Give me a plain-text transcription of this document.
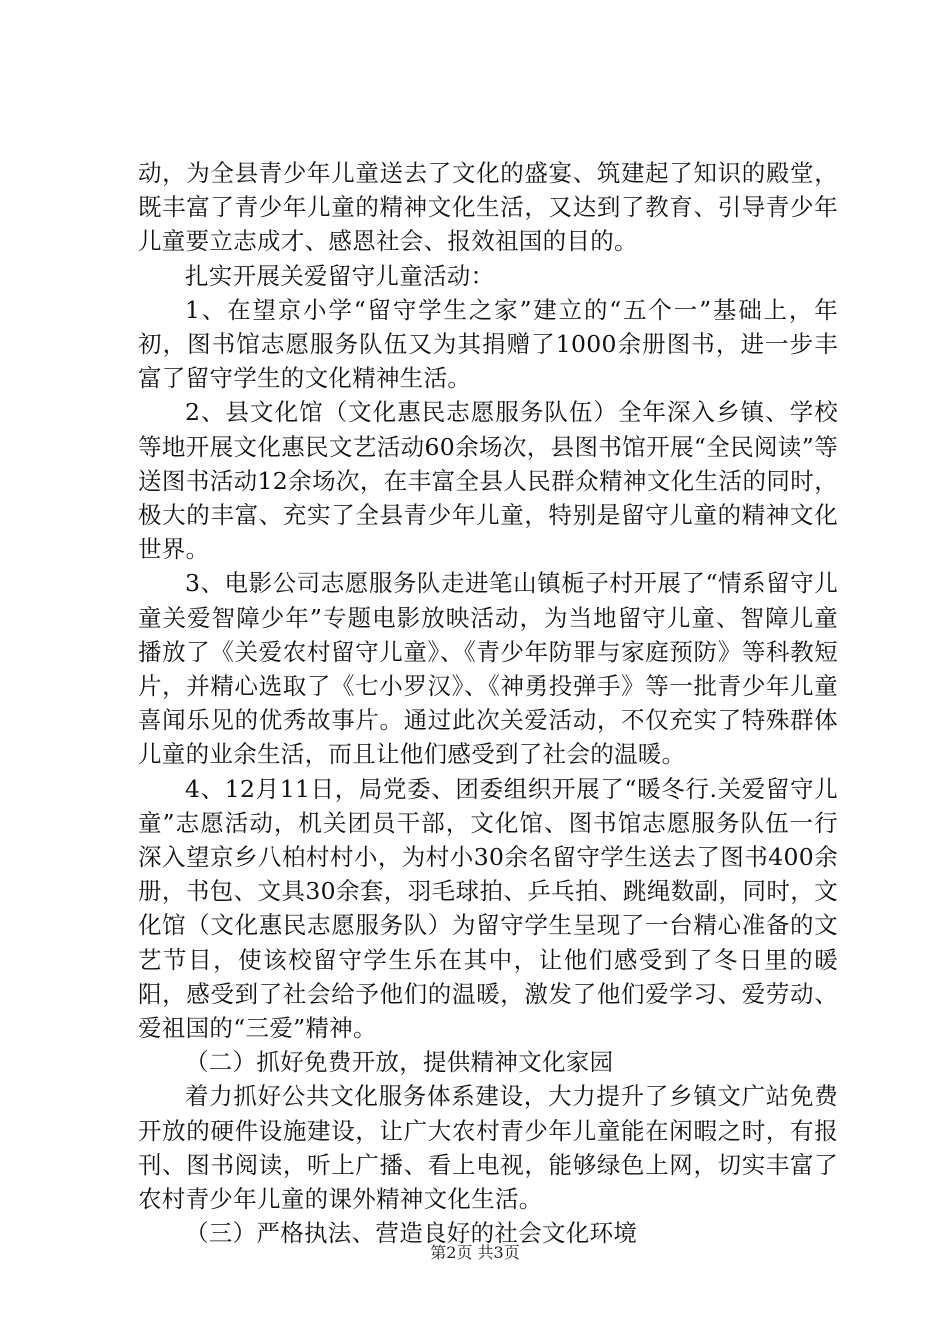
动，为全县青少年儿童送去了文化的盛宴、筑建起了知识的殿堂，既丰富了青少年儿童的精神文化生活，又达到了教育、引导青少年儿童要立志成才、感恩社会、报效祖国的目的。

扎实开展关爱留守儿童活动：

1、在望京小学“留守学生之家”建立的“五个一”基础上，年初，图书馆志愿服务队伍又为其捐赠了1000余册图书，进一步丰富了留守学生的文化精神生活。

2、县文化馆（文化惠民志愿服务队伍）全年深入乡镇、学校等地开展文化惠民文艺活动60余场次，县图书馆开展“全民阅读”等送图书活动12余场次，在丰富全县人民群众精神文化生活的同时，极大的丰富、充实了全县青少年儿童，特别是留守儿童的精神文化世界。

3、电影公司志愿服务队走进笔山镇栀子村开展了“情系留守儿童关爱智障少年”专题电影放映活动，为当地留守儿童、智障儿童播放了《关爱农村留守儿童》、《青少年防罪与家庭预防》等科教短片，并精心选取了《七小罗汉》、《神勇投弹手》等一批青少年儿童喜闻乐见的优秀故事片。通过此次关爱活动，不仅充实了特殊群体儿童的业余生活，而且让他们感受到了社会的温暖。

4、12月11日，局党委、团委组织开展了“暖冬行.关爱留守儿童”志愿活动，机关团员干部，文化馆、图书馆志愿服务队伍一行深入望京乡八柏村村小，为村小30余名留守学生送去了图书400余册，书包、文具30余套，羽毛球拍、乒乓拍、跳绳数副，同时，文化馆（文化惠民志愿服务队）为留守学生呈现了一台精心准备的文艺节目，使该校留守学生乐在其中，让他们感受到了冬日里的暖阳，感受到了社会给予他们的温暖，激发了他们爱学习、爱劳动、爱祖国的“三爱”精神。

（二）抓好免费开放，提供精神文化家园

着力抓好公共文化服务体系建设，大力提升了乡镇文广站免费开放的硬件设施建设，让广大农村青少年儿童能在闲暇之时，有报刊、图书阅读，听上广播、看上电视，能够绿色上网，切实丰富了农村青少年儿童的课外精神文化生活。

（三）严格执法、营造良好的社会文化环境

第2页 共3页
